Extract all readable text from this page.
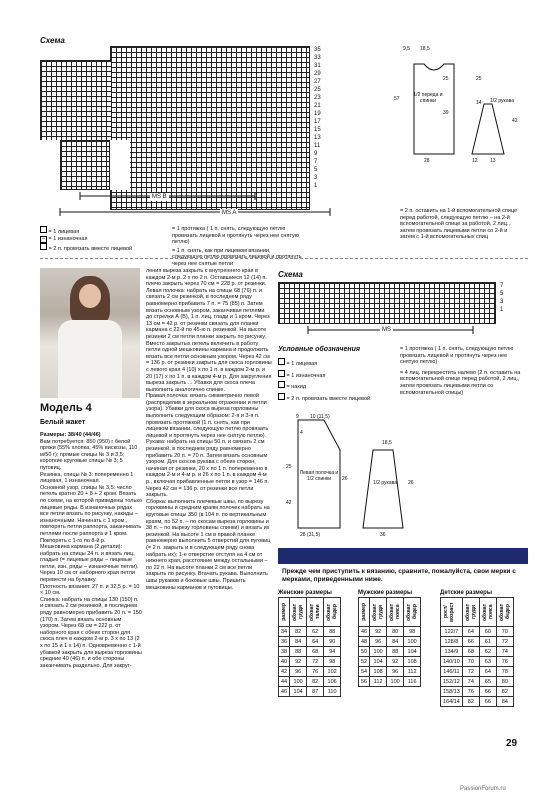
Схема
35
33
31
29
27
25
23
21
19
17
15
13
11
9
7
5
3
1
MS B
MS A
= 1 лицевая
– = 1 изнаночная
= 2 п. провязать вместе лицевой
= 1 протяжка ( 1 п. снять, следующую петлю провязать лицевой и протянуть через нее снятую петлю)
= 1 п. снять, как при лицевом вязании, следующую петлю провязать лицевой и протянуть через нее снятые петли
9,5 18,5
57
25
39
1/2 переда и спинки
28
25
14	1/2 рукава
42
12 13
= 2 п. оставить на 1-й вспомогательной спице перед работой, следующую петлю – на 2-й вспомогательной спице за работой, 2 лиц., затем провязать лицевыми петли со 2-й и затем с 1-й вспомогательных спиц
Модель 4
Белый жакет
Размеры: 38/40 (44/46)
Вам потребуется: 850 (950) г белой пряжи (55% хлопка, 45% вискозы, 110 м/50 г); прямые спицы № 3 и 3,5; короткие круговые спицы № 3; 5 пуговиц.
Резинка, спицы № 3: попеременно 1 лицевая, 1 изнаночная.
Основной узор, спицы № 3,5: число петель кратно 20 + 8 + 2 кром. Вязать по схеме, на которой приведены только лицевые ряды. В изнаночных рядах все петли вязать по рисунку, накиды – изнаночными. Начинать с 1 кром., повторять петли раппорта, заканчивать петлями после раппорта и 1 кром. Повторять с 1-го по 8-й р.
Мешковина кармана (2 детали): набрать на спицы 24 п. и вязать лиц. гладью (= лицевые ряды – лицевые петли, изн. ряды – изнаночные петли). Через 10 см от наборного края петли перевести на булавку.
Плотность вязания: 27 п. и 32,5 р. = 10 × 10 см.
Спинка: набрать на спицы 130 (150) п. и связать 2 см резинкой, в последнем ряду равномерно прибавить 20 п. = 150 (170) п. Затем вязать основным узором. Через 68 см = 222 р. от наборного края с обеих сторон для скоса плеч в каждом 2-м р. 3 х по 13 (2 х по 15 и 1 х 14) п. Одновременно с 1-й убавкой закрыть для выреза горловины средние 40 (46) п. и обе стороны заканчивать раздельно. Для закруг-
ления выреза закрыть с внутреннего края в каждом 2-м р. 2 х по 2 п. Оставшиеся 12 (14) п. плечо закрыть через 70 см = 228 р. от резинки.
Левая полочка: набрать на спицы 68 (76) п. и связать 2 см резинкой, в последнем ряду равномерно прибавить 7 п. = 75 (85) п. Затем вязать основным узором, заканчивая петлями до стрелки А (В), 1 п. лиц. глади и 1 кром. Через 13 см = 42 р. от резинки связать для планки кармана с 22-й по 45-ю п. резинкой. На высоте резинки 2 см петли планки закрыть по рисунку. Вместо закрытых петель включить в работу петли одной мешковины кармана и продолжить вязать все петли основным узором. Через 42 см = 136 р. от резинки закрыть для скоса горловины с левого края 4 (10) х по 1 п. в каждом 2-м р. и 20 (17) х по 1 п. в каждом 4-м р. Для закругления выреза закрыть ... Убавки для скоса плеча выполнить аналогично спинке.
Правая полочка: вязать симметрично левой (распределив в зеркальном отражении и петли узора). Убавки для скоса выреза горловины выполнить следующим образом: 2-я и 3-я п. провязать протяжкой (1 п. снять, как при лицевом вязании, следующую петлю провязать лицевой и протянуть через нее снятую петлю).
Рукава: набрать на спицы 50 п. и связать 2 см резинкой, в последнем ряду равномерно прибавить 20 п. = 70 п. Затем вязать основным узором. Для скосов рукава с обеих сторон, начиная от резинки, 20 х по 1 п. попеременно в каждом 2-м и 4-м р. и 26 х по 1 п. в каждом 4-м р., включая прибавленные петли в узор = 146 п. Через 42 см = 136 р. от резинки все петли закрыть.
Сборка: выполнить плечевые швы, по вырезу горловины и средним краям полочек набрать на круговые спицы 350 (в 104 п. по вертикальным краям, по 52 п. – по скосам выреза горловины и 38 п. – по вырезу горловины спинки) и вязать их резинкой. На высоте 1 см в правой планке равномерно выполнить 5 отверстий для пуговиц (= 2 п. закрыть и в следующем ряду снова набрать их); 1-е отверстие отступя на 4 см от нижнего края, расстояние между остальными – по 22 п. На высоте планки 2 см все петли закрыть по рисунку. Втачать рукава. Выполнить швы рукавов и боковые швы. Пришить мешковины карманов и пуговицы.
Схема
7
5
3
1
MS
Условные обозначения
= 1 лицевая
= 1 изнаночная
= накид
= 2 п. провязать вместе лицевой
= 1 протяжка ( 1 п. снять, следующую петлю провязать лицевой и протянуть через нее снятую петлю)
= 4 лиц. перекрестить налево (2 п. оставить на вспомогательной спице перед работой, 2 лиц., затем провязать лицевыми петли со вспомогательной спицы)
9 10 (11,5)
4
25
42
26
Левая полочка и 1/2 спинки
28 (31,5)
1/2 рукава	26
36
18,5
Прежде чем приступить к вязанию, сравните, пожалуйста, свои мерки с мерками, приведенными ниже.
Женские размеры
размер	обхват груди	обхват талии	обхват бедер

34	82	62	88
36	84	64	90
38	88	68	94
40	92	72	98
42	96	76	102
44	100	82	106
46	104	87	110
Мужские размеры
размер	обхват груди	обхват пояса	обхват бедер

46	92	80	98
48	96	84	100
50	100	88	104
52	104	92	108
54	108	96	112
56	112	100	116
Детские размеры
рост/возраст	обхват груди	обхват пояса	обхват бедер

122/7	64	60	70
128/8	66	61	72
134/9	68	62	74
140/10	70	63	76
146/11	72	64	78
152/12	74	65	80
158/13	76	66	82
164/14	82	66	84
29
PassionForum.ru
